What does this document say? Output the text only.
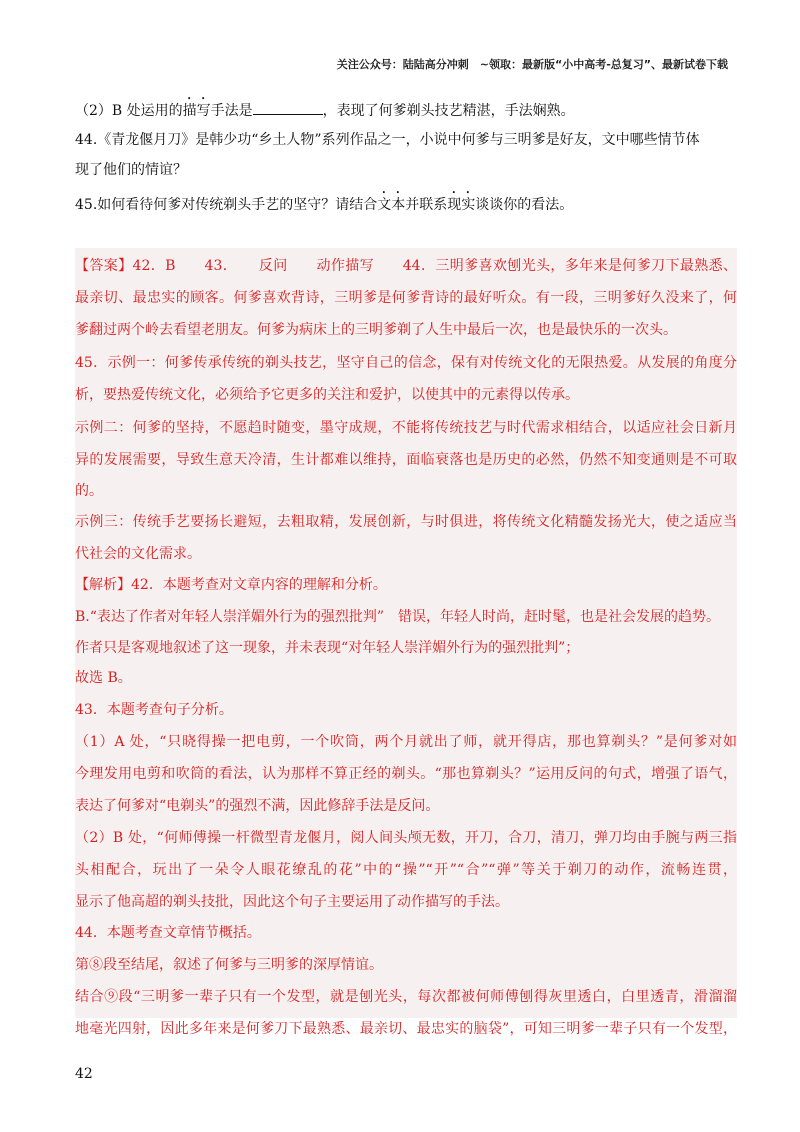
关注公众号：陆陆高分冲刺　~领取：最新版“小中高考-总复习”、最新试卷下载
（2）B 处运用的描写手法是	，表现了何爹剃头技艺精湛，手法娴熟。
44.《青龙偃月刀》是韩少功“乡土人物”系列作品之一，小说中何爹与三明爹是好友，文中哪些情节体
现了他们的情谊？
45.如何看待何爹对传统剃头手艺的坚守？请结合文本并联系现实谈谈你的看法。
【答案】42．B　　43．　　反问　　动作描写　　44．三明爹喜欢刨光头，多年来是何爹刀下最熟悉、
最亲切、最忠实的顾客。何爹喜欢背诗，三明爹是何爹背诗的最好听众。有一段，三明爹好久没来了，何
爹翻过两个岭去看望老朋友。何爹为病床上的三明爹剃了人生中最后一次，也是最快乐的一次头。
45．示例一：何爹传承传统的剃头技艺，坚守自己的信念，保有对传统文化的无限热爱。从发展的角度分
析，要热爱传统文化，必须给予它更多的关注和爱护，以使其中的元素得以传承。
示例二：何爹的坚持，不愿趋时随变，墨守成规，不能将传统技艺与时代需求相结合，以适应社会日新月
异的发展需要，导致生意天冷清，生计都难以维持，面临衰落也是历史的必然，仍然不知变通则是不可取
的。
示例三：传统手艺要扬长避短，去粗取精，发展创新，与时俱进，将传统文化精髓发扬光大，使之适应当
代社会的文化需求。
【解析】42．本题考查对文章内容的理解和分析。
B.“表达了作者对年轻人崇洋媚外行为的强烈批判”　错误，年轻人时尚，赶时髦，也是社会发展的趋势。
作者只是客观地叙述了这一现象，并未表现“对年轻人崇洋媚外行为的强烈批判”；
故选 B。
43．本题考查句子分析。
（1）A 处，“只晓得操一把电剪，一个吹筒，两个月就出了师，就开得店，那也算剃头？”是何爹对如
今理发用电剪和吹筒的看法，认为那样不算正经的剃头。“那也算剃头？”运用反问的句式，增强了语气，
表达了何爹对“电剃头”的强烈不满，因此修辞手法是反问。
（2）B 处，“何师傅操一杆微型青龙偃月，阅人间头颅无数，开刀，合刀，清刀，弹刀均由手腕与两三指
头相配合，玩出了一朵令人眼花缭乱的花”中的“操”“开”“合”“弹”等关于剃刀的动作，流畅连贯，
显示了他高超的剃头技批，因此这个句子主要运用了动作描写的手法。
44．本题考查文章情节概括。
第⑧段至结尾，叙述了何爹与三明爹的深厚情谊。
结合⑨段“三明爹一辈子只有一个发型，就是刨光头，每次都被何师傅刨得灰里透白，白里透青，滑溜溜
地毫光四射，因此多年来是何爹刀下最熟悉、最亲切、最忠实的脑袋”，可知三明爹一辈子只有一个发型，
42
